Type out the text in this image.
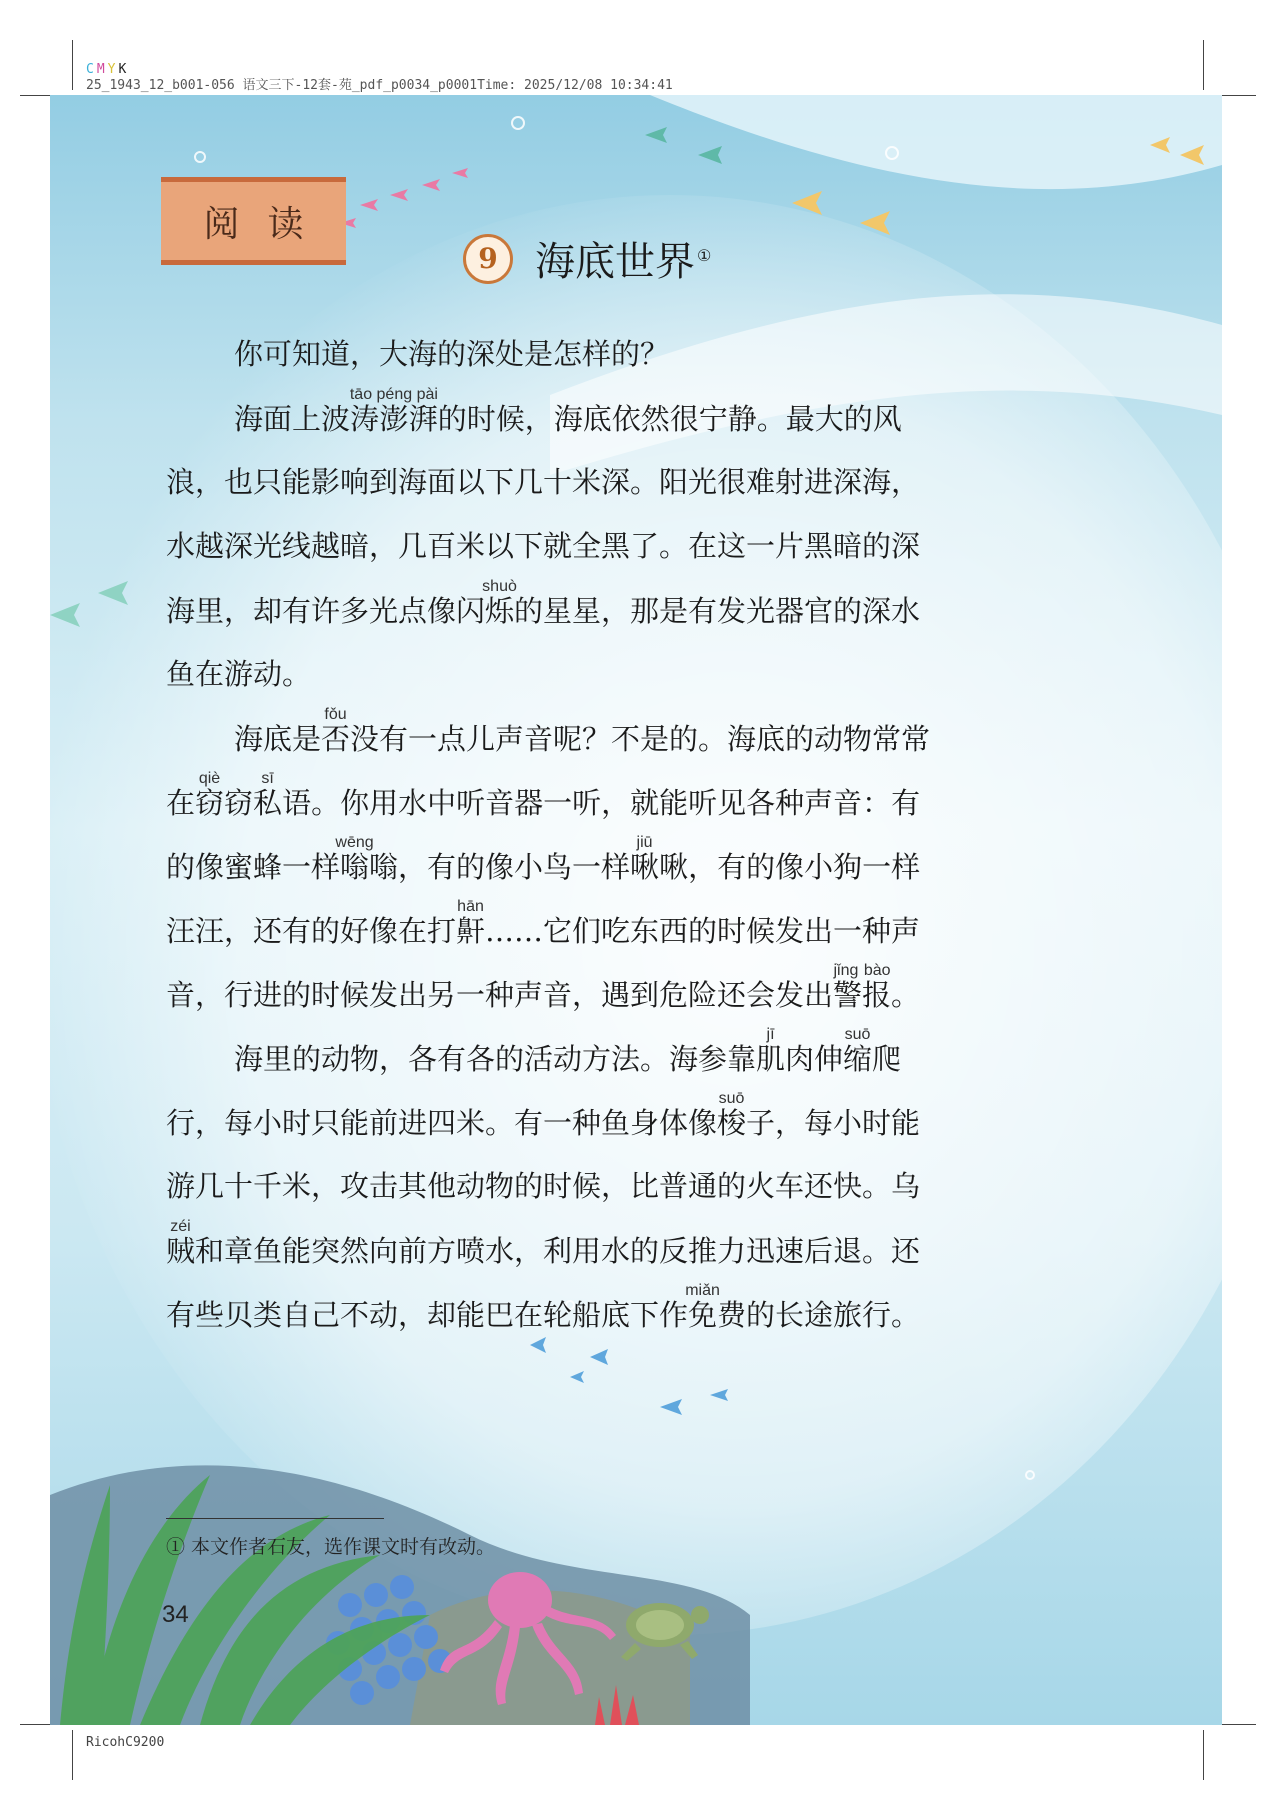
CMYK
25_1943_12_b001-056 语文三下-12套-苑_pdf_p0034_p0001Time: 2025/12/08 10:34:41
阅读
9 海底世界 ①
你可知道，大海的深处是怎样的？
海面上波涛澎湃tāo péng pài的时候，海底依然很宁静。最大的风
浪，也只能影响到海面以下几十米深。阳光很难射进深海，
水越深光线越暗，几百米以下就全黑了。在这一片黑暗的深
海里，却有许多光点像闪烁shuò的星星，那是有发光器官的深水
鱼在游动。
海底是否fǒu没有一点儿声音呢？不是的。海底的动物常常
在窃qiè窃私sī语。你用水中听音器一听，就能听见各种声音：有
的像蜜蜂一样嗡wēng嗡，有的像小鸟一样啾jiū啾，有的像小狗一样
汪汪，还有的好像在打鼾hān……它们吃东西的时候发出一种声
音，行进的时候发出另一种声音，遇到危险还会发出警报jǐng bào。
海里的动物，各有各的活动方法。海参靠肌jī肉伸缩suō爬
行，每小时只能前进四米。有一种鱼身体像梭suō子，每小时能
游几十千米，攻击其他动物的时候，比普通的火车还快。乌
贼zéi和章鱼能突然向前方喷水，利用水的反推力迅速后退。还
有些贝类自己不动，却能巴在轮船底下作免miǎn费的长途旅行。
① 本文作者石友，选作课文时有改动。
34
RicohC9200
